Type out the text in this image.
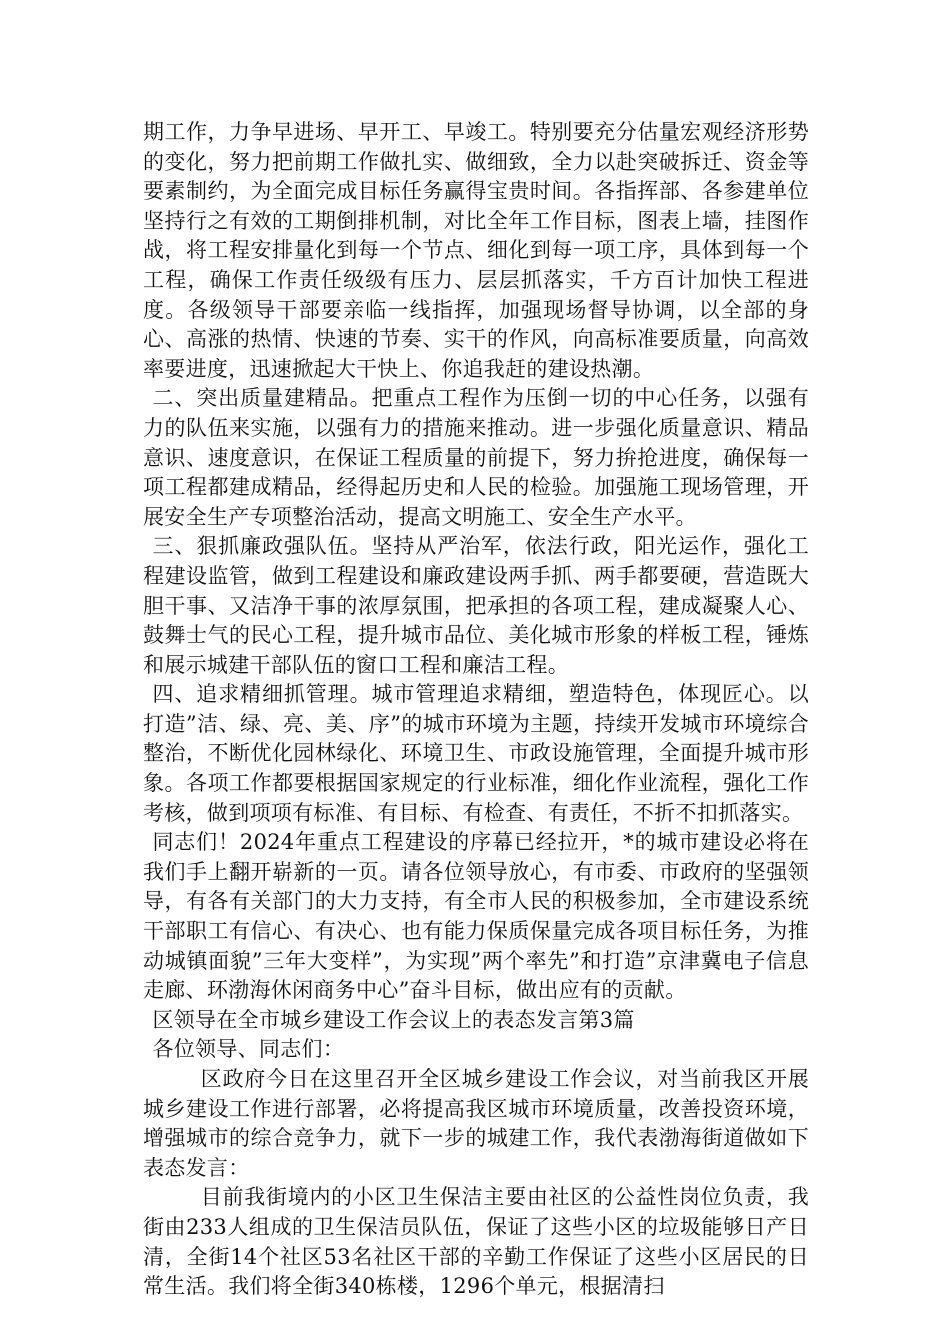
期工作，力争早进场、早开工、早竣工。特别要充分估量宏观经济形势的变化，努力把前期工作做扎实、做细致，全力以赴突破拆迁、资金等要素制约，为全面完成目标任务赢得宝贵时间。各指挥部、各参建单位坚持行之有效的工期倒排机制，对比全年工作目标，图表上墙，挂图作战，将工程安排量化到每一个节点、细化到每一项工序，具体到每一个工程，确保工作责任级级有压力、层层抓落实，千方百计加快工程进度。各级领导干部要亲临一线指挥，加强现场督导协调，以全部的身心、高涨的热情、快速的节奏、实干的作风，向高标准要质量，向高效率要进度，迅速掀起大干快上、你追我赶的建设热潮。

二、突出质量建精品。把重点工程作为压倒一切的中心任务，以强有力的队伍来实施，以强有力的措施来推动。进一步强化质量意识、精品意识、速度意识，在保证工程质量的前提下，努力拚抢进度，确保每一项工程都建成精品，经得起历史和人民的检验。加强施工现场管理，开展安全生产专项整治活动，提高文明施工、安全生产水平。

三、狠抓廉政强队伍。坚持从严治军，依法行政，阳光运作，强化工程建设监管，做到工程建设和廉政建设两手抓、两手都要硬，营造既大胆干事、又洁净干事的浓厚氛围，把承担的各项工程，建成凝聚人心、鼓舞士气的民心工程，提升城市品位、美化城市形象的样板工程，锤炼和展示城建干部队伍的窗口工程和廉洁工程。

四、追求精细抓管理。城市管理追求精细，塑造特色，体现匠心。以打造”洁、绿、亮、美、序”的城市环境为主题，持续开发城市环境综合整治，不断优化园林绿化、环境卫生、市政设施管理，全面提升城市形象。各项工作都要根据国家规定的行业标准，细化作业流程，强化工作考核，做到项项有标准、有目标、有检查、有责任，不折不扣抓落实。

同志们！2024年重点工程建设的序幕已经拉开，*的城市建设必将在我们手上翻开崭新的一页。请各位领导放心，有市委、市政府的坚强领导，有各有关部门的大力支持，有全市人民的积极参加，全市建设系统干部职工有信心、有决心、也有能力保质保量完成各项目标任务，为推动城镇面貌”三年大变样”，为实现”两个率先”和打造”京津冀电子信息走廊、环渤海休闲商务中心”奋斗目标，做出应有的贡献。

区领导在全市城乡建设工作会议上的表态发言第3篇

各位领导、同志们：

区政府今日在这里召开全区城乡建设工作会议，对当前我区开展城乡建设工作进行部署，必将提高我区城市环境质量，改善投资环境，增强城市的综合竞争力，就下一步的城建工作，我代表渤海街道做如下表态发言：

目前我街境内的小区卫生保洁主要由社区的公益性岗位负责，我街由233人组成的卫生保洁员队伍，保证了这些小区的垃圾能够日产日清，全街14个社区53名社区干部的辛勤工作保证了这些小区居民的日常生活。我们将全街340栋楼，1296个单元，根据清扫
